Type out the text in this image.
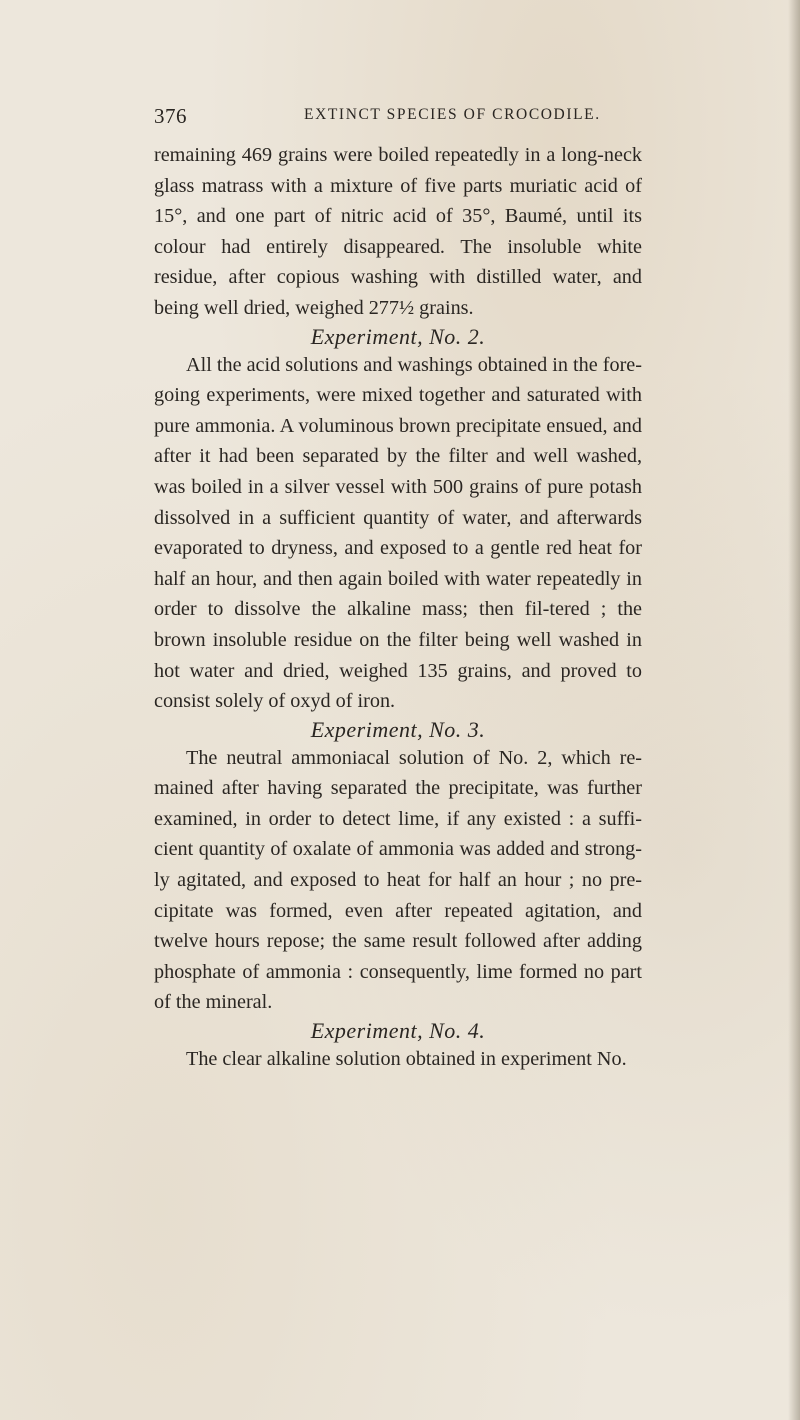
376	EXTINCT SPECIES OF CROCODILE.

remaining 469 grains were boiled repeatedly in a long-neck glass matrass with a mixture of five parts muriatic acid of 15°, and one part of nitric acid of 35°, Baumé, until its colour had entirely disappeared. The insoluble white residue, after copious washing with distilled water, and being well dried, weighed 277½ grains.

Experiment, No. 2.

All the acid solutions and washings obtained in the fore-going experiments, were mixed together and saturated with pure ammonia. A voluminous brown precipitate ensued, and after it had been separated by the filter and well washed, was boiled in a silver vessel with 500 grains of pure potash dissolved in a sufficient quantity of water, and afterwards evaporated to dryness, and exposed to a gentle red heat for half an hour, and then again boiled with water repeatedly in order to dissolve the alkaline mass; then fil-tered ; the brown insoluble residue on the filter being well washed in hot water and dried, weighed 135 grains, and proved to consist solely of oxyd of iron.

Experiment, No. 3.

The neutral ammoniacal solution of No. 2, which re-mained after having separated the precipitate, was further examined, in order to detect lime, if any existed : a suffi-cient quantity of oxalate of ammonia was added and strong-ly agitated, and exposed to heat for half an hour ; no pre-cipitate was formed, even after repeated agitation, and twelve hours repose; the same result followed after adding phosphate of ammonia : consequently, lime formed no part of the mineral.

Experiment, No. 4.

The clear alkaline solution obtained in experiment No.
